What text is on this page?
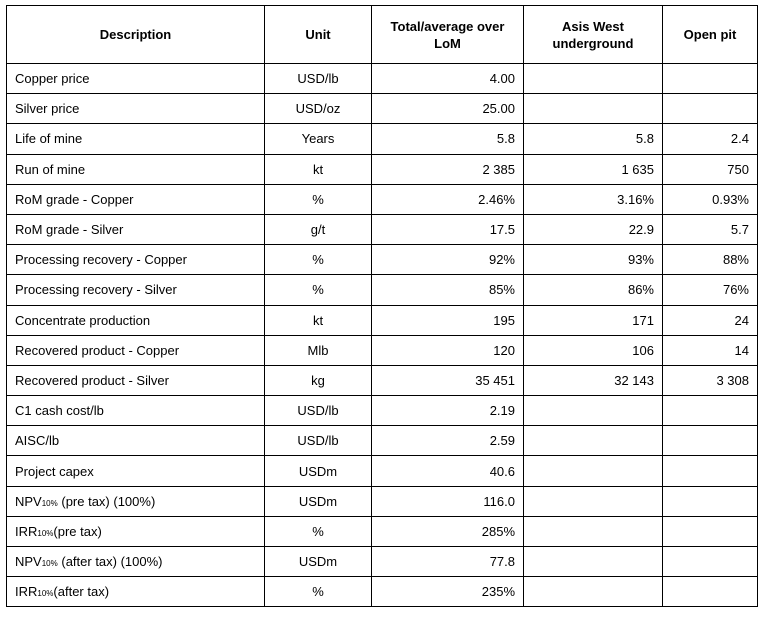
Description	Unit	Total/average over LoM	Asis West underground	Open pit
Copper price	USD/lb	4.00		
Silver price	USD/oz	25.00		
Life of mine	Years	5.8	5.8	2.4
Run of mine	kt	2 385	1 635	750
RoM grade - Copper	%	2.46%	3.16%	0.93%
RoM grade - Silver	g/t	17.5	22.9	5.7
Processing recovery - Copper	%	92%	93%	88%
Processing recovery - Silver	%	85%	86%	76%
Concentrate production	kt	195	171	24
Recovered product - Copper	Mlb	120	106	14
Recovered product - Silver	kg	35 451	32 143	3 308
C1 cash cost/lb	USD/lb	2.19		
AISC/lb	USD/lb	2.59		
Project capex	USDm	40.6		
NPV10% (pre tax) (100%)	USDm	116.0		
IRR10%(pre tax)	%	285%		
NPV10% (after tax) (100%)	USDm	77.8		
IRR10%(after tax)	%	235%		
